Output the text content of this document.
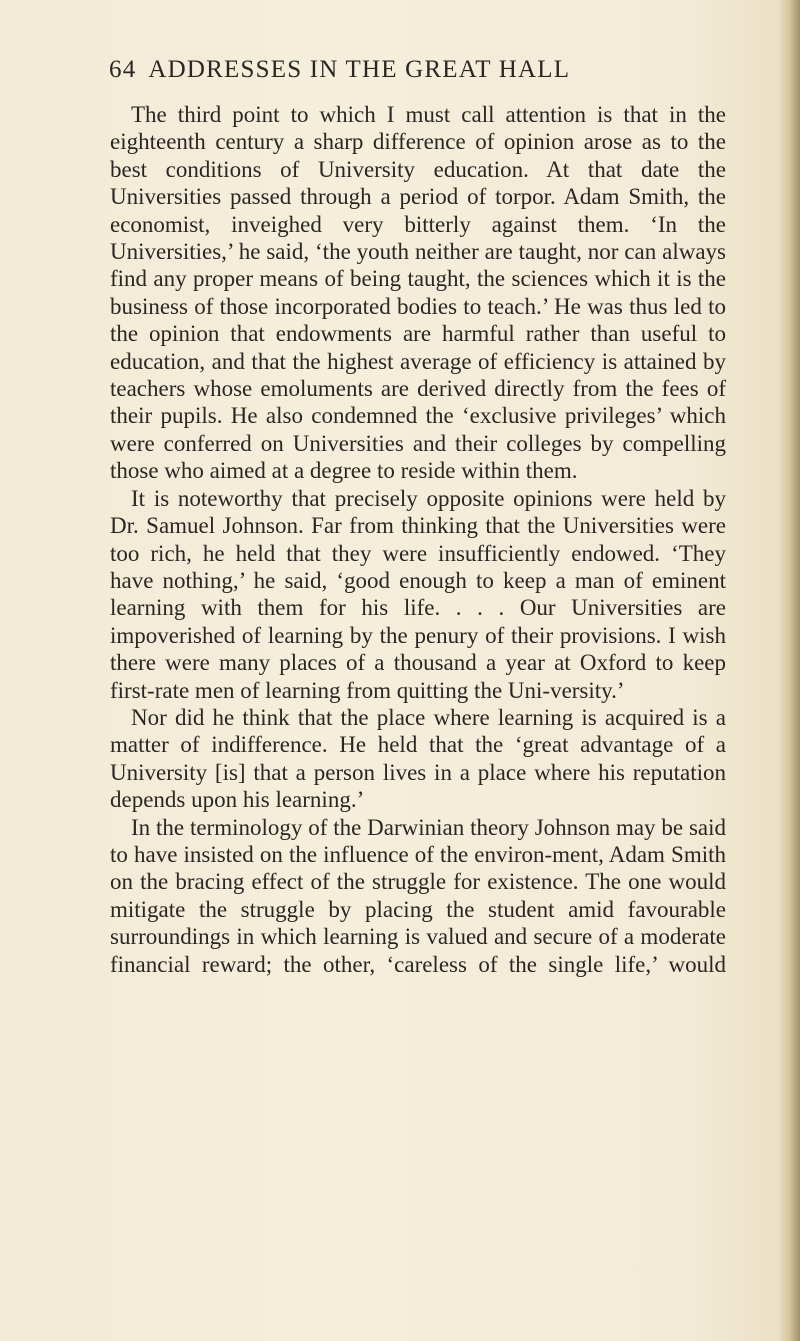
64 ADDRESSES IN THE GREAT HALL

The third point to which I must call attention is that in the eighteenth century a sharp difference of opinion arose as to the best conditions of University education. At that date the Universities passed through a period of torpor. Adam Smith, the economist, inveighed very bitterly against them. ‘In the Universities,’ he said, ‘the youth neither are taught, nor can always find any proper means of being taught, the sciences which it is the business of those incorporated bodies to teach.’ He was thus led to the opinion that endowments are harmful rather than useful to education, and that the highest average of efficiency is attained by teachers whose emoluments are derived directly from the fees of their pupils. He also condemned the ‘exclusive privileges’ which were conferred on Universities and their colleges by compelling those who aimed at a degree to reside within them.

It is noteworthy that precisely opposite opinions were held by Dr. Samuel Johnson. Far from thinking that the Universities were too rich, he held that they were insufficiently endowed. ‘They have nothing,’ he said, ‘good enough to keep a man of eminent learning with them for his life. . . . Our Universities are impoverished of learning by the penury of their provisions. I wish there were many places of a thousand a year at Oxford to keep first-rate men of learning from quitting the Uni-versity.’

Nor did he think that the place where learning is acquired is a matter of indifference. He held that the ‘great advantage of a University [is] that a person lives in a place where his reputation depends upon his learning.’

In the terminology of the Darwinian theory Johnson may be said to have insisted on the influence of the environ-ment, Adam Smith on the bracing effect of the struggle for existence. The one would mitigate the struggle by placing the student amid favourable surroundings in which learning is valued and secure of a moderate financial reward; the other, ‘careless of the single life,’ would
